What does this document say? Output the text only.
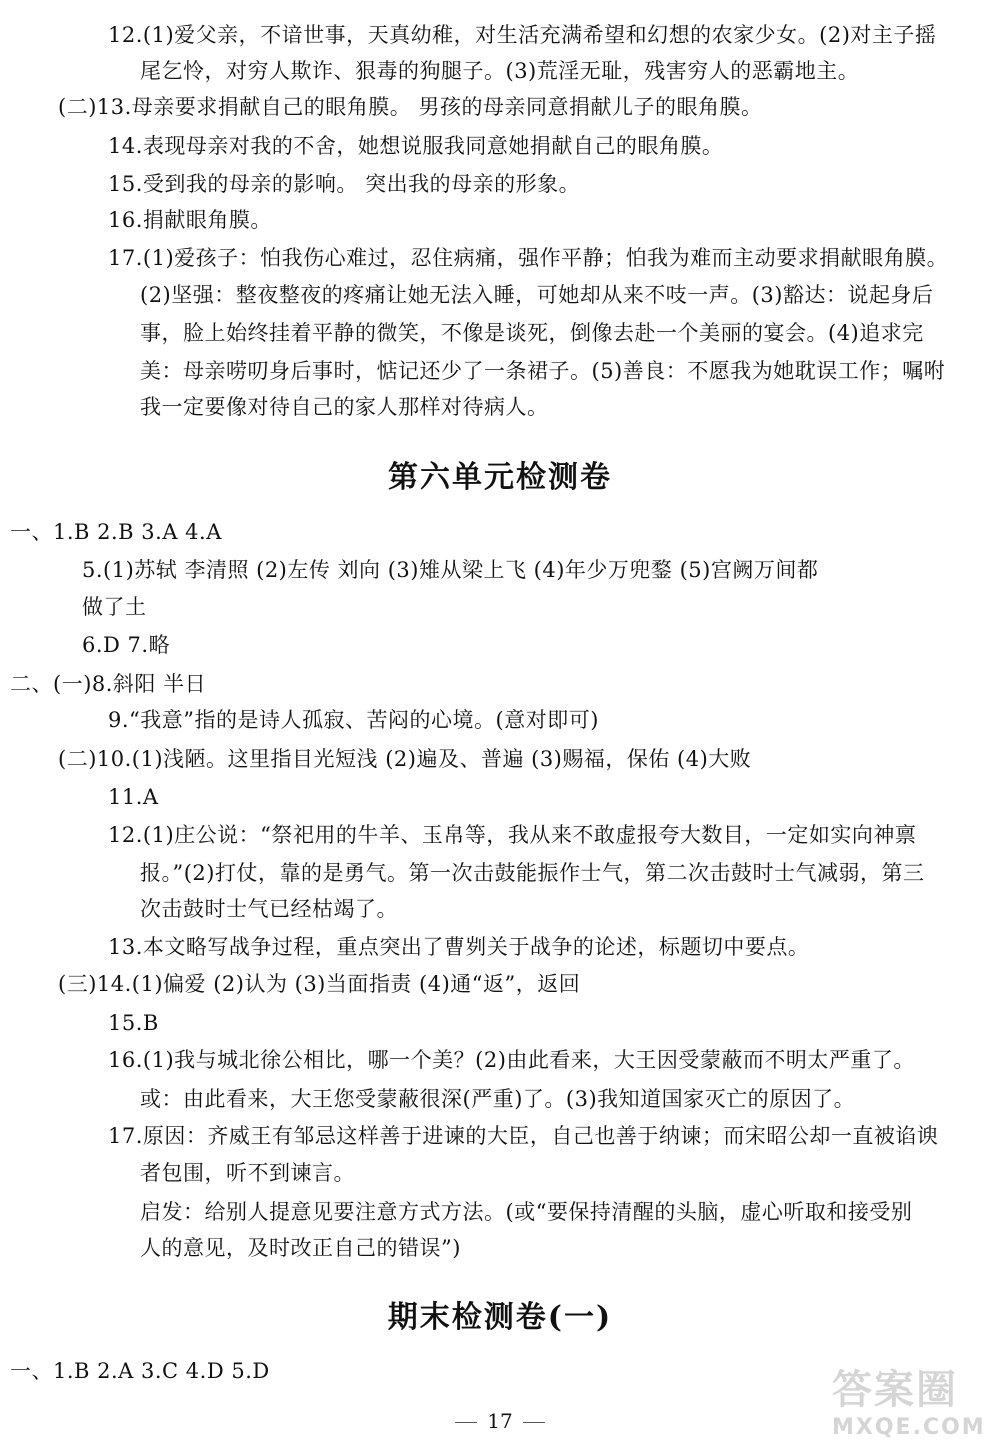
12.(1)爱父亲，不谙世事，天真幼稚，对生活充满希望和幻想的农家少女。(2)对主子摇
尾乞怜，对穷人欺诈、狠毒的狗腿子。(3)荒淫无耻，残害穷人的恶霸地主。
(二)13.母亲要求捐献自己的眼角膜。 男孩的母亲同意捐献儿子的眼角膜。
14.表现母亲对我的不舍，她想说服我同意她捐献自己的眼角膜。
15.受到我的母亲的影响。 突出我的母亲的形象。
16.捐献眼角膜。
17.(1)爱孩子：怕我伤心难过，忍住病痛，强作平静；怕我为难而主动要求捐献眼角膜。
(2)坚强：整夜整夜的疼痛让她无法入睡，可她却从来不吱一声。(3)豁达：说起身后
事，脸上始终挂着平静的微笑，不像是谈死，倒像去赴一个美丽的宴会。(4)追求完
美：母亲唠叨身后事时，惦记还少了一条裙子。(5)善良：不愿我为她耽误工作；嘱咐
我一定要像对待自己的家人那样对待病人。
第六单元检测卷
一、1.B 2.B 3.A 4.A
5.(1)苏轼 李清照 (2)左传 刘向 (3)雉从梁上飞 (4)年少万兜鍪 (5)宫阙万间都
做了土
6.D 7.略
二、(一)8.斜阳 半日
9.“我意”指的是诗人孤寂、苦闷的心境。(意对即可)
(二)10.(1)浅陋。这里指目光短浅 (2)遍及、普遍 (3)赐福，保佑 (4)大败
11.A
12.(1)庄公说：“祭祀用的牛羊、玉帛等，我从来不敢虚报夸大数目，一定如实向神禀
报。”(2)打仗，靠的是勇气。第一次击鼓能振作士气，第二次击鼓时士气减弱，第三
次击鼓时士气已经枯竭了。
13.本文略写战争过程，重点突出了曹刿关于战争的论述，标题切中要点。
(三)14.(1)偏爱 (2)认为 (3)当面指责 (4)通“返”，返回
15.B
16.(1)我与城北徐公相比，哪一个美？(2)由此看来，大王因受蒙蔽而不明太严重了。
或：由此看来，大王您受蒙蔽很深(严重)了。(3)我知道国家灭亡的原因了。
17.原因：齐威王有邹忌这样善于进谏的大臣，自己也善于纳谏；而宋昭公却一直被谄谀
者包围，听不到谏言。
启发：给别人提意见要注意方式方法。(或“要保持清醒的头脑，虚心听取和接受别
人的意见，及时改正自己的错误”)
期末检测卷(一)
一、1.B 2.A 3.C 4.D 5.D
17
答案圈
MXQE.COM
